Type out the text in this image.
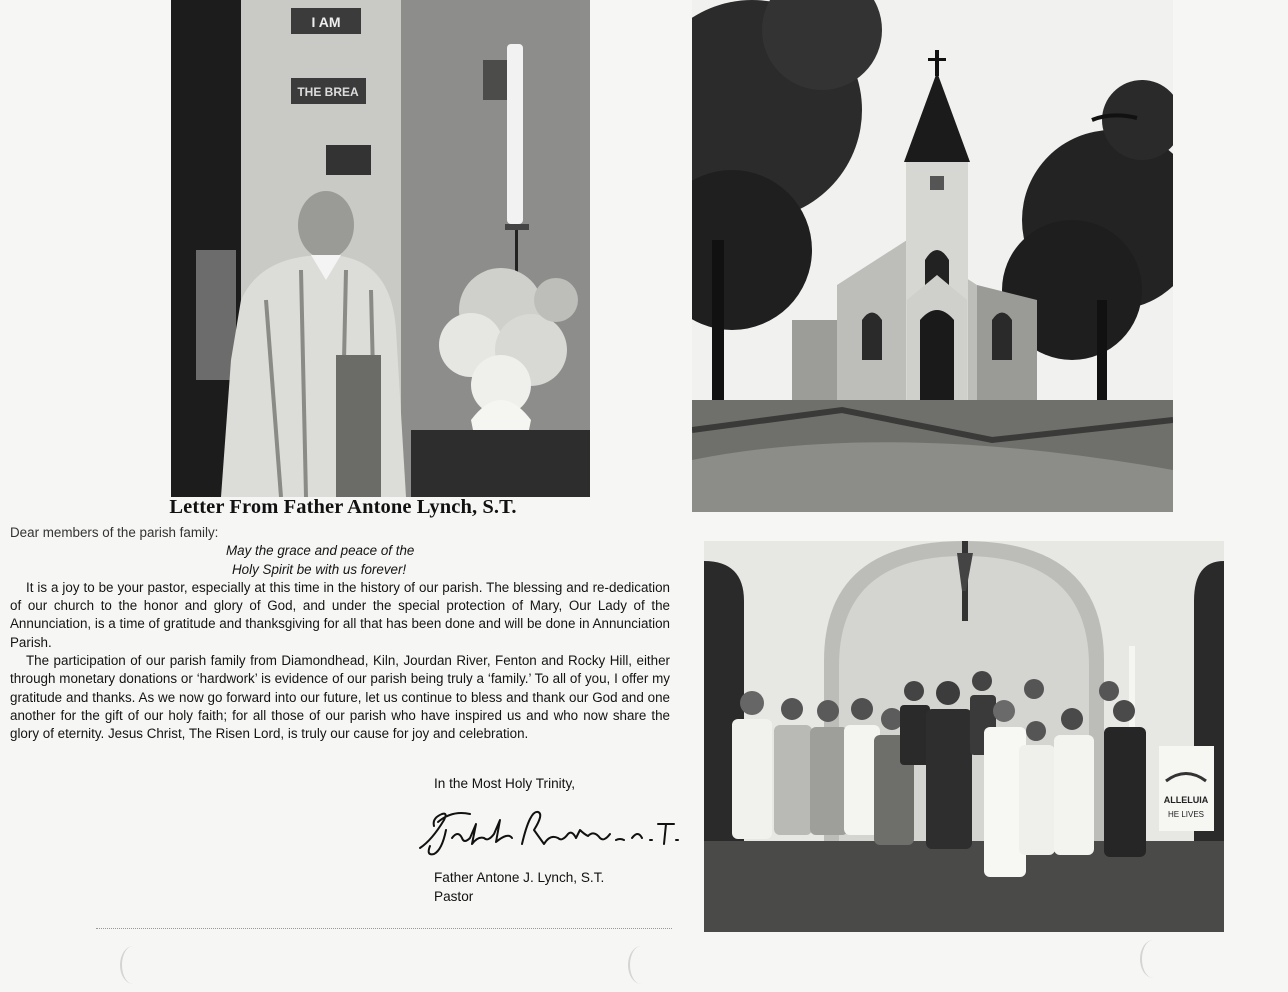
I AM
THE BREA
ALLELUIA
HE LIVES
Letter From Father Antone Lynch, S.T.

Dear members of the parish family:

May the grace and peace of the
Holy Spirit be with us forever!

It is a joy to be your pastor, especially at this time in the history of our parish. The blessing and re-dedication of our church to the honor and glory of God, and under the special protection of Mary, Our Lady of the Annunciation, is a time of gratitude and thanksgiving for all that has been done and will be done in Annunciation Parish.

The participation of our parish family from Diamondhead, Kiln, Jourdan River, Fenton and Rocky Hill, either through monetary donations or ‘hardwork’ is evidence of our parish being truly a ‘family.’ To all of you, I offer my gratitude and thanks. As we now go forward into our future, let us continue to bless and thank our God and one another for the gift of our holy faith; for all those of our parish who have inspired us and who now share the glory of eternity. Jesus Christ, The Risen Lord, is truly our cause for joy and celebration.

In the Most Holy Trinity,
Father Antone J. Lynch, S.T.
Pastor
